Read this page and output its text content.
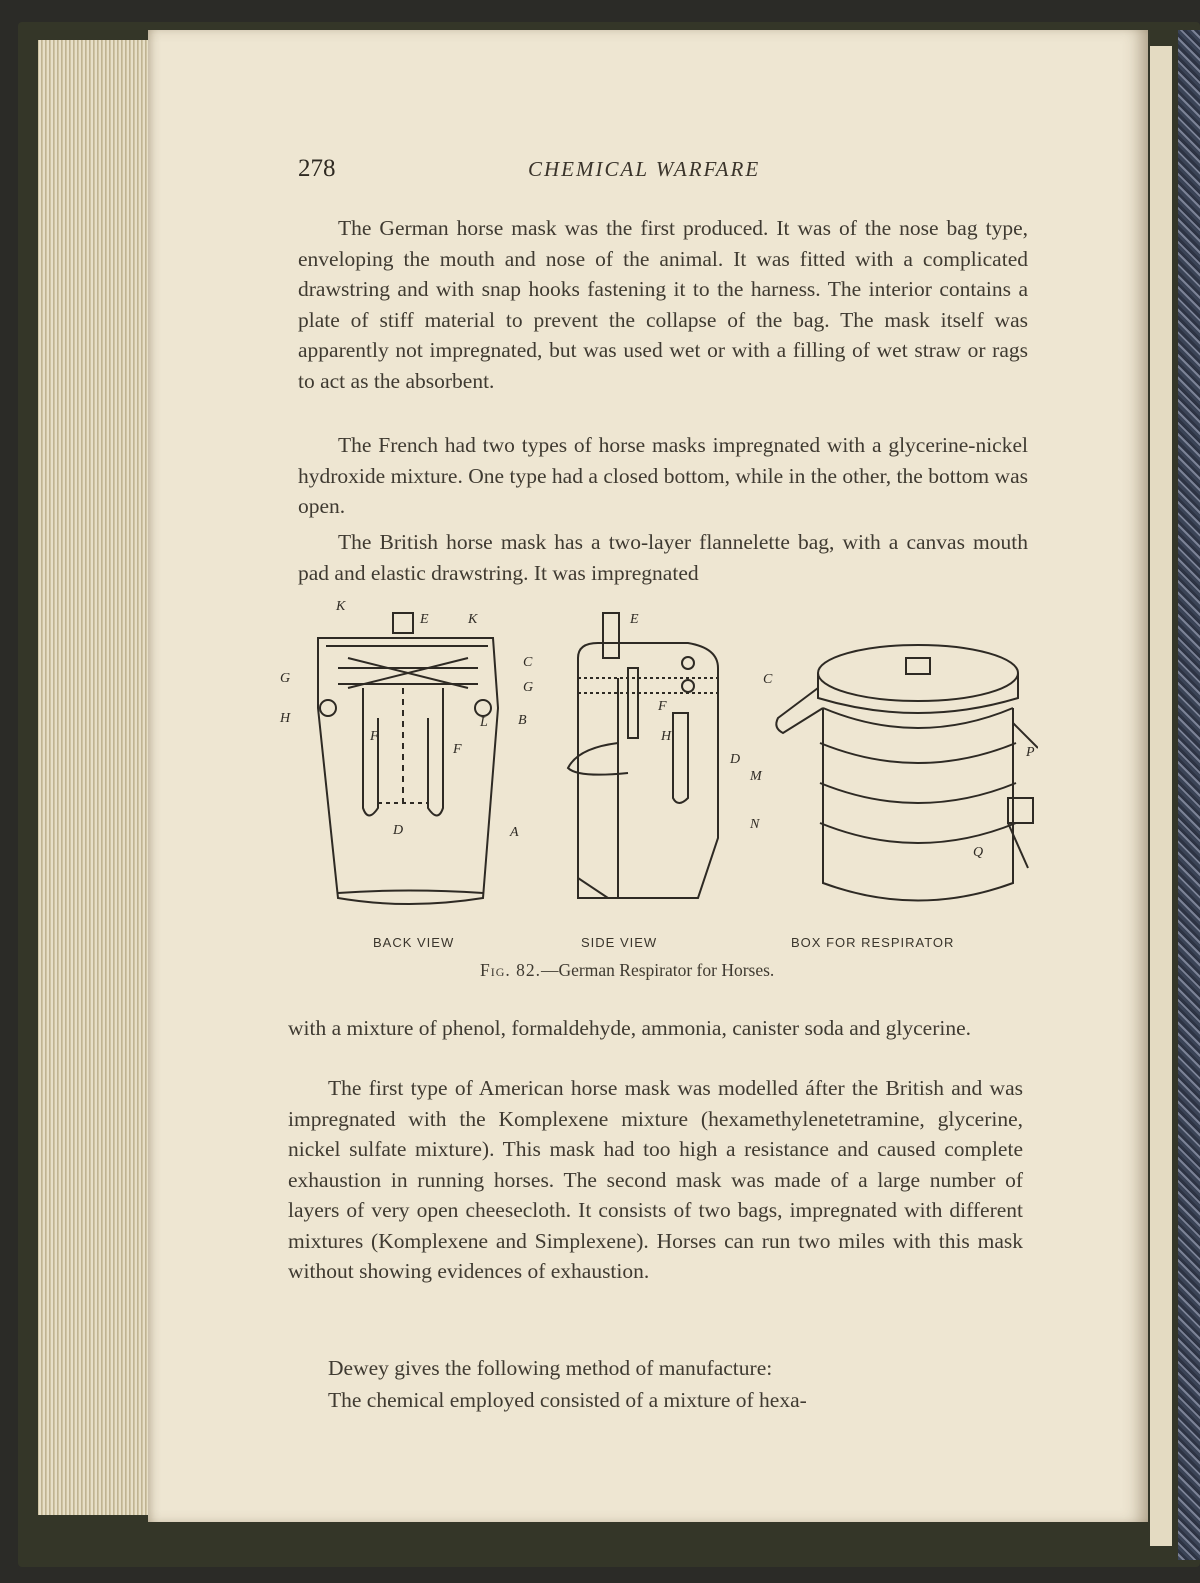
278	CHEMICAL WARFARE

The German horse mask was the first produced. It was of the nose bag type, enveloping the mouth and nose of the animal. It was fitted with a complicated drawstring and with snap hooks fastening it to the harness. The interior contains a plate of stiff material to prevent the collapse of the bag. The mask itself was apparently not impregnated, but was used wet or with a filling of wet straw or rags to act as the absorbent.

The French had two types of horse masks impregnated with a glycerine-nickel hydroxide mixture. One type had a closed bottom, while in the other, the bottom was open.

The British horse mask has a two-layer flannelette bag, with a canvas mouth pad and elastic drawstring. It was impregnated

K
E	K
G
H
F
F
L
D
E
C
G
B
F
H
D
A
C
P
M
N
Q
BACK VIEW	SIDE VIEW	BOX FOR RESPIRATOR
Fig. 82.—German Respirator for Horses.

with a mixture of phenol, formaldehyde, ammonia, canister soda and glycerine.

The first type of American horse mask was modelled áfter the British and was impregnated with the Komplexene mixture (hexamethylenetetramine, glycerine, nickel sulfate mixture). This mask had too high a resistance and caused complete exhaustion in running horses. The second mask was made of a large number of layers of very open cheesecloth. It consists of two bags, impregnated with different mixtures (Komplexene and Simplexene). Horses can run two miles with this mask without showing evidences of exhaustion.

Dewey gives the following method of manufacture:

The chemical employed consisted of a mixture of hexa-
